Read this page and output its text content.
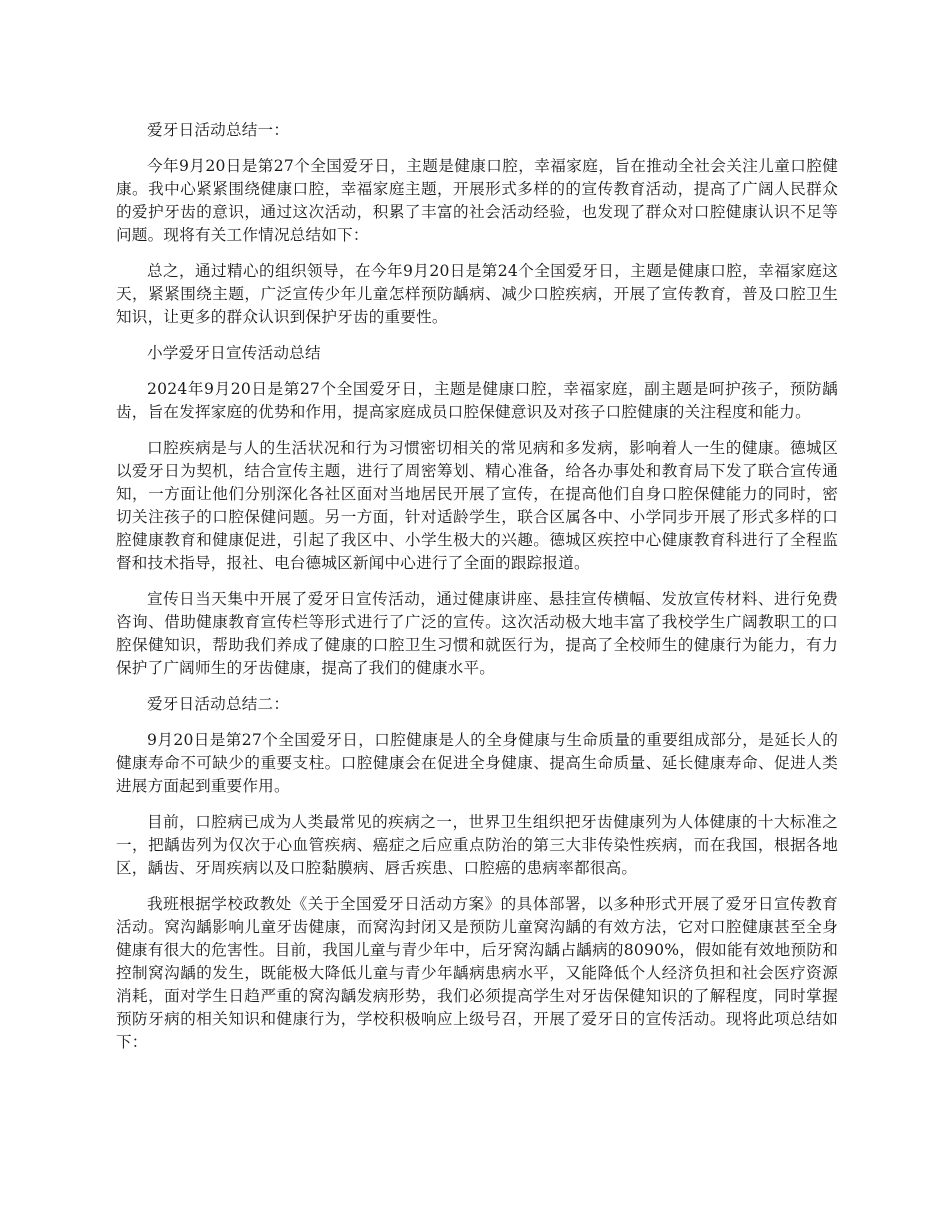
爱牙日活动总结一：

今年9月20日是第27个全国爱牙日，主题是健康口腔，幸福家庭，旨在推动全社会关注儿童口腔健康。我中心紧紧围绕健康口腔，幸福家庭主题，开展形式多样的的宣传教育活动，提高了广阔人民群众的爱护牙齿的意识，通过这次活动，积累了丰富的社会活动经验，也发现了群众对口腔健康认识不足等问题。现将有关工作情况总结如下：

总之，通过精心的组织领导，在今年9月20日是第24个全国爱牙日，主题是健康口腔，幸福家庭这天，紧紧围绕主题，广泛宣传少年儿童怎样预防龋病、减少口腔疾病，开展了宣传教育，普及口腔卫生知识，让更多的群众认识到保护牙齿的重要性。

小学爱牙日宣传活动总结

2024年9月20日是第27个全国爱牙日，主题是健康口腔，幸福家庭，副主题是呵护孩子，预防龋齿，旨在发挥家庭的优势和作用，提高家庭成员口腔保健意识及对孩子口腔健康的关注程度和能力。

口腔疾病是与人的生活状况和行为习惯密切相关的常见病和多发病，影响着人一生的健康。德城区以爱牙日为契机，结合宣传主题，进行了周密筹划、精心准备，给各办事处和教育局下发了联合宣传通知，一方面让他们分别深化各社区面对当地居民开展了宣传，在提高他们自身口腔保健能力的同时，密切关注孩子的口腔保健问题。另一方面，针对适龄学生，联合区属各中、小学同步开展了形式多样的口腔健康教育和健康促进，引起了我区中、小学生极大的兴趣。德城区疾控中心健康教育科进行了全程监督和技术指导，报社、电台德城区新闻中心进行了全面的跟踪报道。

宣传日当天集中开展了爱牙日宣传活动，通过健康讲座、悬挂宣传横幅、发放宣传材料、进行免费咨询、借助健康教育宣传栏等形式进行了广泛的宣传。这次活动极大地丰富了我校学生广阔教职工的口腔保健知识，帮助我们养成了健康的口腔卫生习惯和就医行为，提高了全校师生的健康行为能力，有力保护了广阔师生的牙齿健康，提高了我们的健康水平。

爱牙日活动总结二：

9月20日是第27个全国爱牙日，口腔健康是人的全身健康与生命质量的重要组成部分，是延长人的健康寿命不可缺少的重要支柱。口腔健康会在促进全身健康、提高生命质量、延长健康寿命、促进人类进展方面起到重要作用。

目前，口腔病已成为人类最常见的疾病之一，世界卫生组织把牙齿健康列为人体健康的十大标准之一，把龋齿列为仅次于心血管疾病、癌症之后应重点防治的第三大非传染性疾病，而在我国，根据各地区，龋齿、牙周疾病以及口腔黏膜病、唇舌疾患、口腔癌的患病率都很高。

我班根据学校政教处《关于全国爱牙日活动方案》的具体部署，以多种形式开展了爱牙日宣传教育活动。窝沟龋影响儿童牙齿健康，而窝沟封闭又是预防儿童窝沟龋的有效方法，它对口腔健康甚至全身健康有很大的危害性。目前，我国儿童与青少年中，后牙窝沟龋占龋病的8090%，假如能有效地预防和控制窝沟龋的发生，既能极大降低儿童与青少年龋病患病水平，又能降低个人经济负担和社会医疗资源消耗，面对学生日趋严重的窝沟龋发病形势，我们必须提高学生对牙齿保健知识的了解程度，同时掌握预防牙病的相关知识和健康行为，学校积极响应上级号召，开展了爱牙日的宣传活动。现将此项总结如下：
